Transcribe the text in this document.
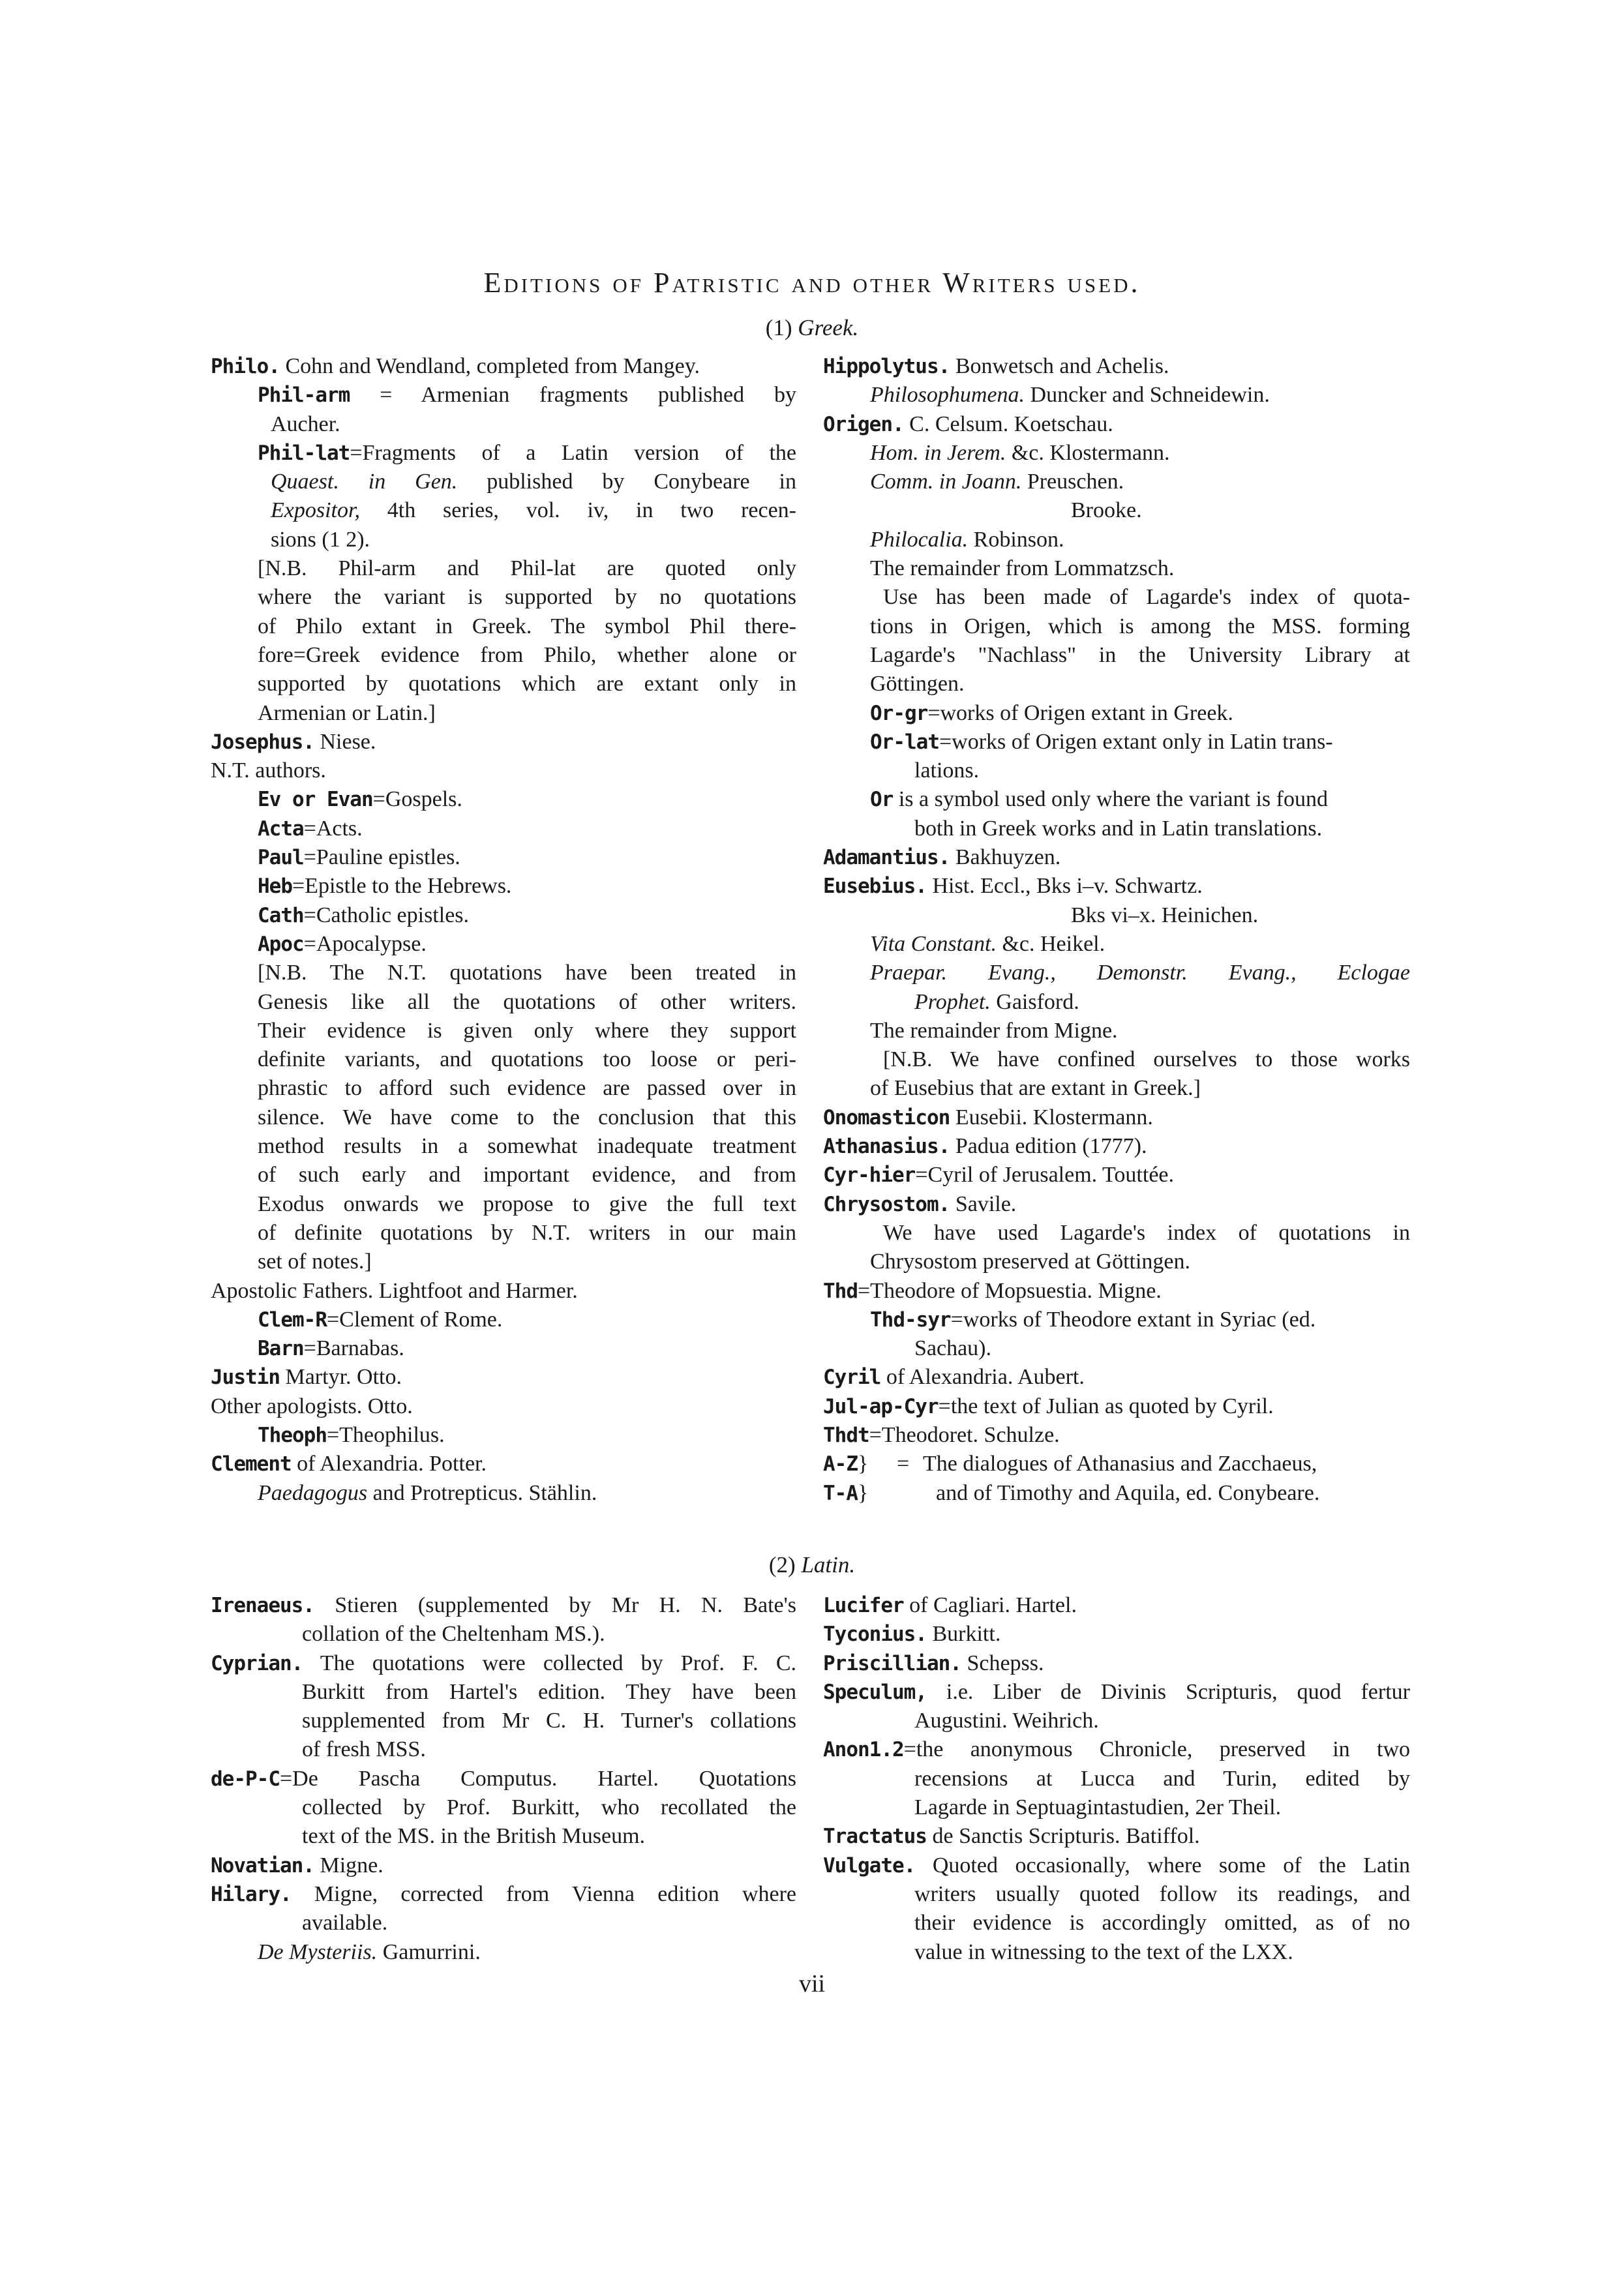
Editions of Patristic and other Writers used.
(1) Greek.
Philo. Cohn and Wendland, completed from Mangey.
Phil-arm = Armenian fragments published by
Aucher.
Phil-lat=Fragments of a Latin version of the
Quaest. in Gen. published by Conybeare in
Expositor, 4th series, vol. iv, in two recen-
sions (1 2).
[N.B. Phil-arm and Phil-lat are quoted only
where the variant is supported by no quotations
of Philo extant in Greek. The symbol Phil there-
fore=Greek evidence from Philo, whether alone or
supported by quotations which are extant only in
Armenian or Latin.]
Josephus. Niese.
N.T. authors.
Ev or Evan=Gospels.
Acta=Acts.
Paul=Pauline epistles.
Heb=Epistle to the Hebrews.
Cath=Catholic epistles.
Apoc=Apocalypse.
[N.B. The N.T. quotations have been treated in
Genesis like all the quotations of other writers.
Their evidence is given only where they support
definite variants, and quotations too loose or peri-
phrastic to afford such evidence are passed over in
silence. We have come to the conclusion that this
method results in a somewhat inadequate treatment
of such early and important evidence, and from
Exodus onwards we propose to give the full text
of definite quotations by N.T. writers in our main
set of notes.]
Apostolic Fathers. Lightfoot and Harmer.
Clem-R=Clement of Rome.
Barn=Barnabas.
Justin Martyr. Otto.
Other apologists. Otto.
Theoph=Theophilus.
Clement of Alexandria. Potter.
Paedagogus and Protrepticus. Stählin.
Hippolytus. Bonwetsch and Achelis.
Philosophumena. Duncker and Schneidewin.
Origen. C. Celsum. Koetschau.
Hom. in Jerem. &c. Klostermann.
Comm. in Joann. Preuschen.
Brooke.
Philocalia. Robinson.
The remainder from Lommatzsch.
Use has been made of Lagarde's index of quota-
tions in Origen, which is among the MSS. forming
Lagarde's "Nachlass" in the University Library at
Göttingen.
Or-gr=works of Origen extant in Greek.
Or-lat=works of Origen extant only in Latin trans-
lations.
Or is a symbol used only where the variant is found
both in Greek works and in Latin translations.
Adamantius. Bakhuyzen.
Eusebius. Hist. Eccl., Bks i–v. Schwartz.
Bks vi–x. Heinichen.
Vita Constant. &c. Heikel.
Praepar. Evang., Demonstr. Evang., Eclogae
Prophet. Gaisford.
The remainder from Migne.
[N.B. We have confined ourselves to those works
of Eusebius that are extant in Greek.]
Onomasticon Eusebii. Klostermann.
Athanasius. Padua edition (1777).
Cyr-hier=Cyril of Jerusalem. Touttée.
Chrysostom. Savile.
We have used Lagarde's index of quotations in
Chrysostom preserved at Göttingen.
Thd=Theodore of Mopsuestia. Migne.
Thd-syr=works of Theodore extant in Syriac (ed.
Sachau).
Cyril of Alexandria. Aubert.
Jul-ap-Cyr=the text of Julian as quoted by Cyril.
Thdt=Theodoret. Schulze.
A-Z} = The dialogues of Athanasius and Zacchaeus,
T-A}	and of Timothy and Aquila, ed. Conybeare.
(2) Latin.
Irenaeus. Stieren (supplemented by Mr H. N. Bate's
collation of the Cheltenham MS.).
Cyprian. The quotations were collected by Prof. F. C.
Burkitt from Hartel's edition. They have been
supplemented from Mr C. H. Turner's collations
of fresh MSS.
de-P-C=De Pascha Computus. Hartel. Quotations
collected by Prof. Burkitt, who recollated the
text of the MS. in the British Museum.
Novatian. Migne.
Hilary. Migne, corrected from Vienna edition where
available.
De Mysteriis. Gamurrini.
Lucifer of Cagliari. Hartel.
Tyconius. Burkitt.
Priscillian. Schepss.
Speculum, i.e. Liber de Divinis Scripturis, quod fertur
Augustini. Weihrich.
Anon1.2=the anonymous Chronicle, preserved in two
recensions at Lucca and Turin, edited by
Lagarde in Septuagintastudien, 2er Theil.
Tractatus de Sanctis Scripturis. Batiffol.
Vulgate. Quoted occasionally, where some of the Latin
writers usually quoted follow its readings, and
their evidence is accordingly omitted, as of no
value in witnessing to the text of the LXX.
vii
